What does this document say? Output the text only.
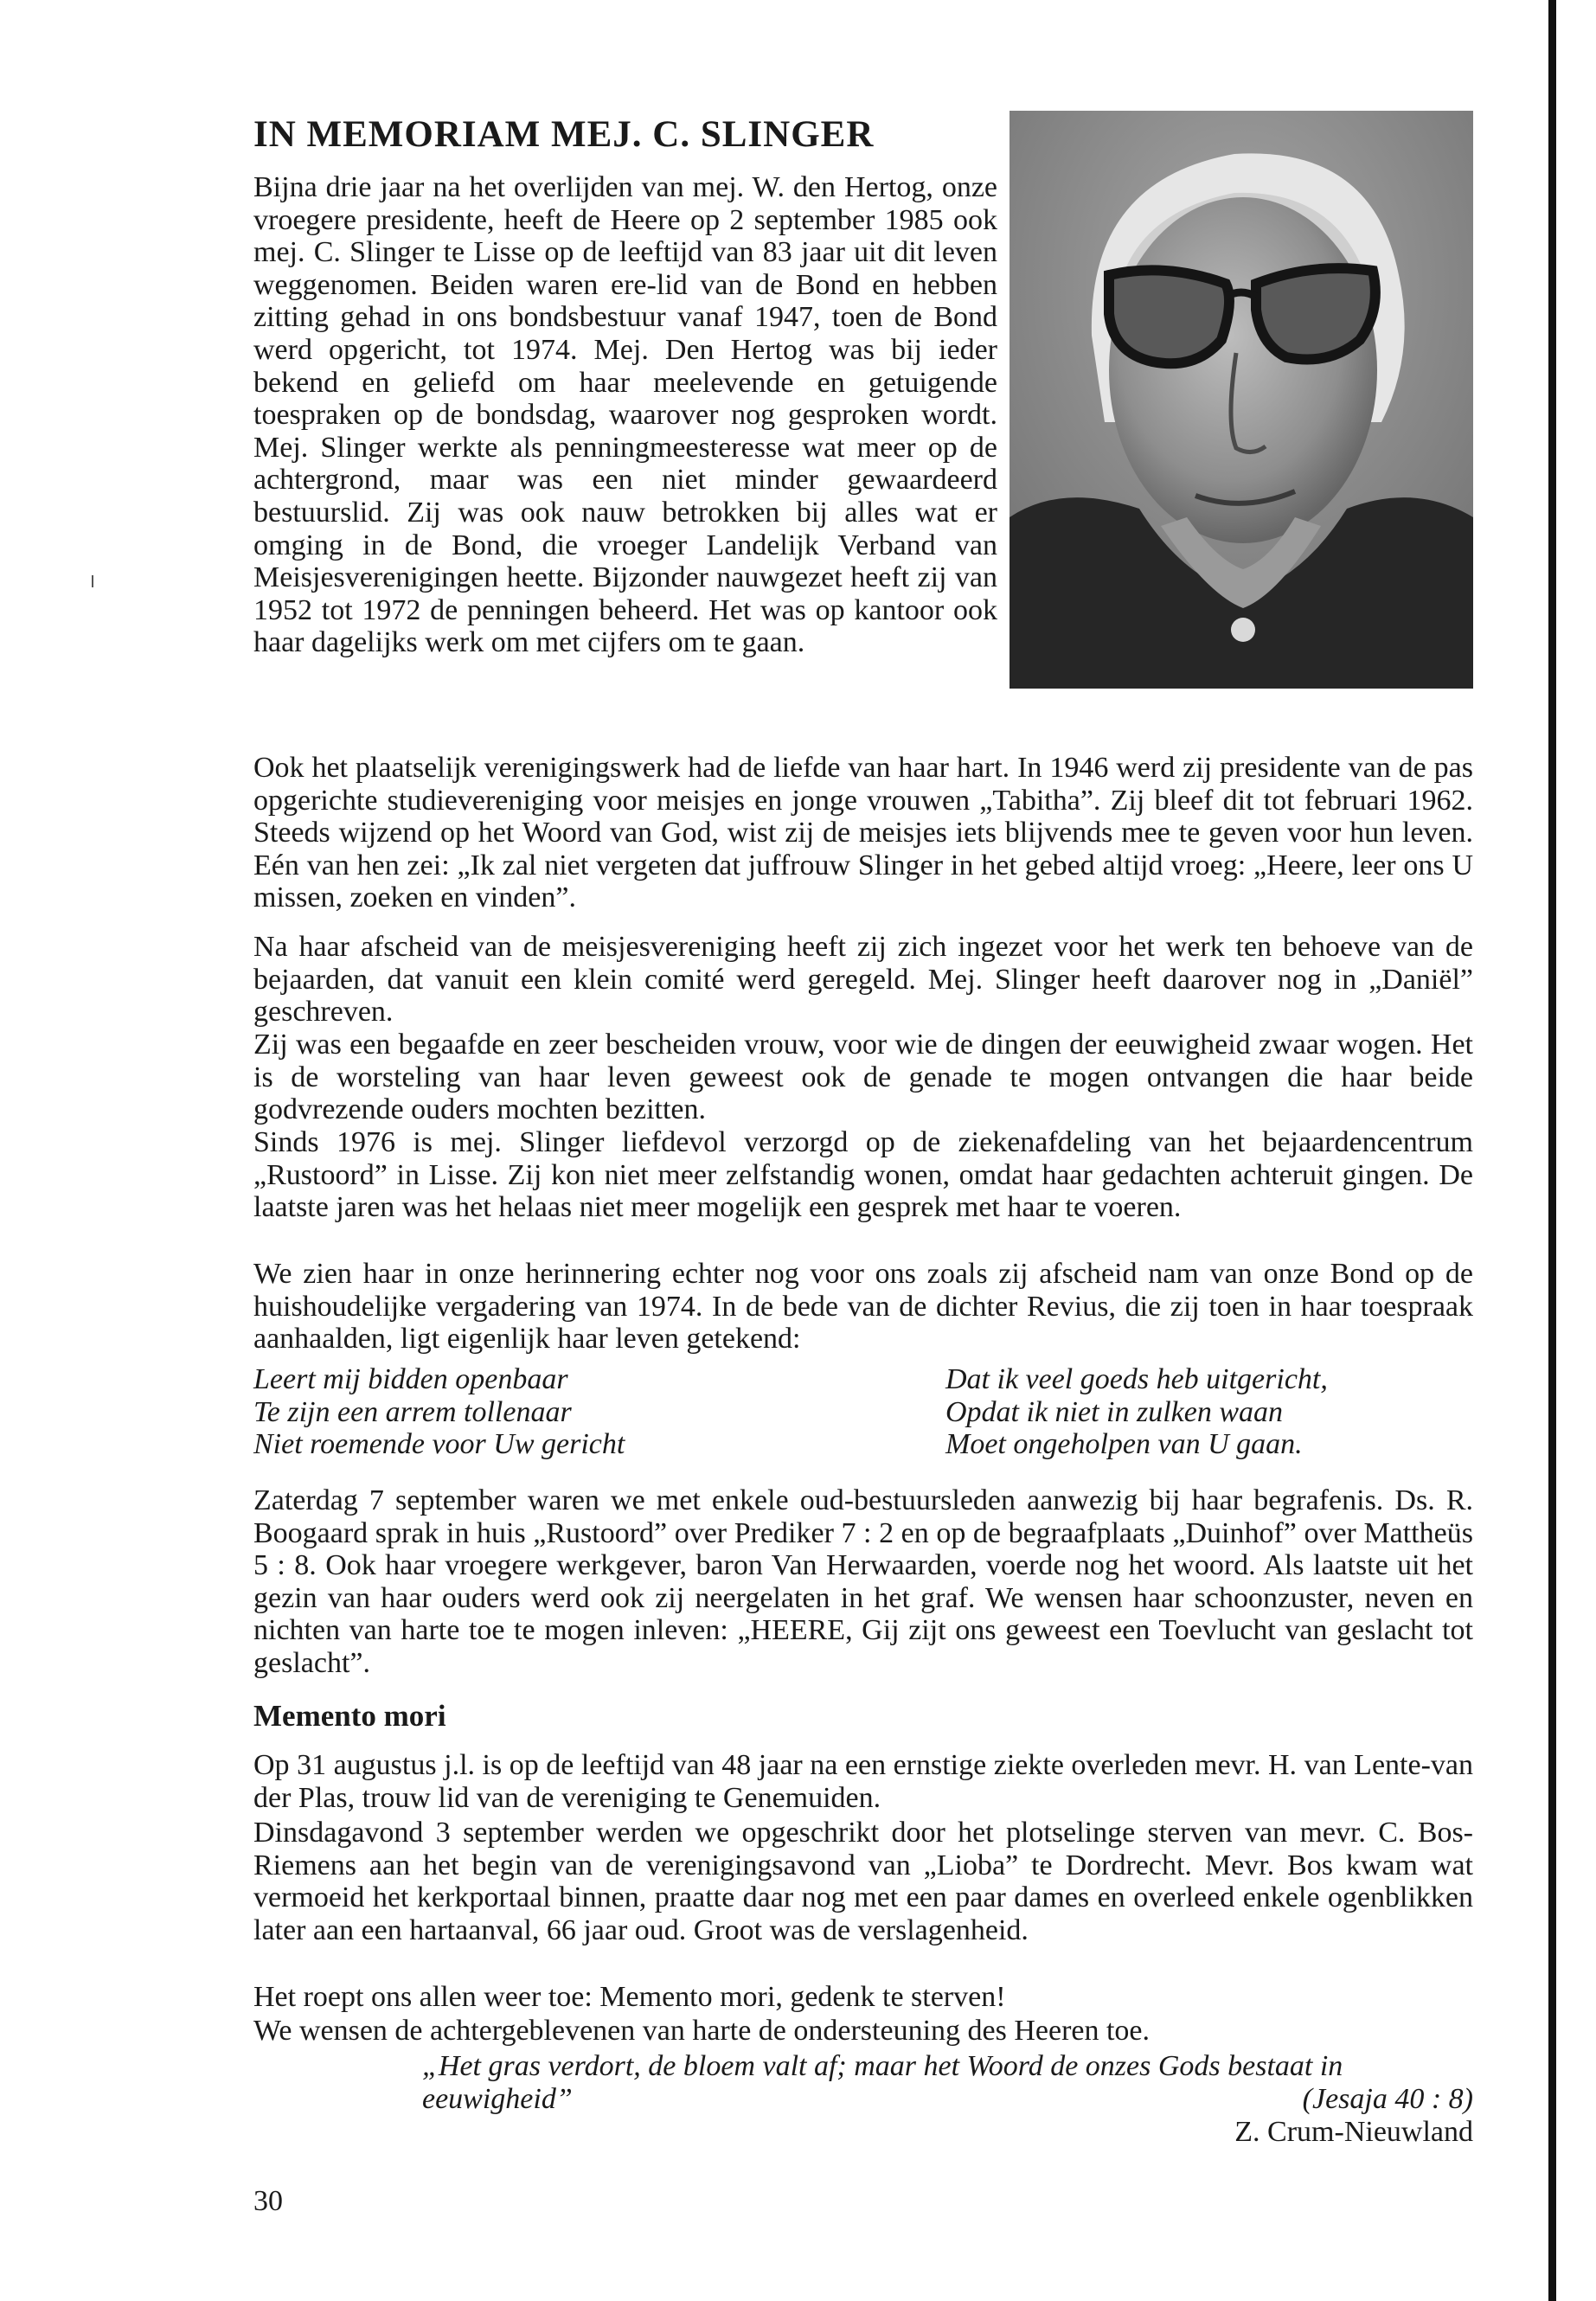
IN MEMORIAM MEJ. C. SLINGER

Bijna drie jaar na het overlijden van mej. W. den Hertog, onze vroegere presidente, heeft de Heere op 2 september 1985 ook mej. C. Slinger te Lisse op de leeftijd van 83 jaar uit dit leven weggenomen. Beiden waren ere-lid van de Bond en hebben zitting gehad in ons bondsbestuur vanaf 1947, toen de Bond werd opgericht, tot 1974. Mej. Den Hertog was bij ieder bekend en geliefd om haar meelevende en getuigende toespraken op de bondsdag, waarover nog gesproken wordt. Mej. Slinger werkte als penningmeesteresse wat meer op de achtergrond, maar was een niet minder gewaardeerd bestuurslid. Zij was ook nauw betrokken bij alles wat er omging in de Bond, die vroeger Landelijk Verband van Meisjesverenigingen heette. Bijzonder nauwgezet heeft zij van 1952 tot 1972 de penningen beheerd. Het was op kantoor ook haar dagelijks werk om met cijfers om te gaan.

Ook het plaatselijk verenigingswerk had de liefde van haar hart. In 1946 werd zij presidente van de pas opgerichte studievereniging voor meisjes en jonge vrouwen „Tabitha”. Zij bleef dit tot februari 1962. Steeds wijzend op het Woord van God, wist zij de meisjes iets blijvends mee te geven voor hun leven. Eén van hen zei: „Ik zal niet vergeten dat juffrouw Slinger in het gebed altijd vroeg: „Heere, leer ons U missen, zoeken en vinden”.

Na haar afscheid van de meisjesvereniging heeft zij zich ingezet voor het werk ten behoeve van de bejaarden, dat vanuit een klein comité werd geregeld. Mej. Slinger heeft daarover nog in „Daniël” geschreven.

Zij was een begaafde en zeer bescheiden vrouw, voor wie de dingen der eeuwigheid zwaar wogen. Het is de worsteling van haar leven geweest ook de genade te mogen ontvangen die haar beide godvrezende ouders mochten bezitten.

Sinds 1976 is mej. Slinger liefdevol verzorgd op de ziekenafdeling van het bejaardencentrum „Rustoord” in Lisse. Zij kon niet meer zelfstandig wonen, omdat haar gedachten achteruit gingen. De laatste jaren was het helaas niet meer mogelijk een gesprek met haar te voeren.

We zien haar in onze herinnering echter nog voor ons zoals zij afscheid nam van onze Bond op de huishoudelijke vergadering van 1974. In de bede van de dichter Revius, die zij toen in haar toespraak aanhaalden, ligt eigenlijk haar leven getekend:

Leert mij bidden openbaar
Te zijn een arrem tollenaar
Niet roemende voor Uw gericht
Dat ik veel goeds heb uitgericht,
Opdat ik niet in zulken waan
Moet ongeholpen van U gaan.

Zaterdag 7 september waren we met enkele oud-bestuursleden aanwezig bij haar begrafenis. Ds. R. Boogaard sprak in huis „Rustoord” over Prediker 7 : 2 en op de begraafplaats „Duinhof” over Mattheüs 5 : 8. Ook haar vroegere werkgever, baron Van Herwaarden, voerde nog het woord. Als laatste uit het gezin van haar ouders werd ook zij neergelaten in het graf. We wensen haar schoonzuster, neven en nichten van harte toe te mogen inleven: „HEERE, Gij zijt ons geweest een Toevlucht van geslacht tot geslacht”.

Memento mori

Op 31 augustus j.l. is op de leeftijd van 48 jaar na een ernstige ziekte overleden mevr. H. van Lente-van der Plas, trouw lid van de vereniging te Genemuiden.

Dinsdagavond 3 september werden we opgeschrikt door het plotselinge sterven van mevr. C. Bos-Riemens aan het begin van de verenigingsavond van „Lioba” te Dordrecht. Mevr. Bos kwam wat vermoeid het kerkportaal binnen, praatte daar nog met een paar dames en overleed enkele ogenblikken later aan een hartaanval, 66 jaar oud. Groot was de verslagenheid.

Het roept ons allen weer toe: Memento mori, gedenk te sterven!

We wensen de achtergeblevenen van harte de ondersteuning des Heeren toe.

„Het gras verdort, de bloem valt af; maar het Woord de onzes Gods bestaat in eeuwigheid”	(Jesaja 40 : 8)
Z. Crum-Nieuwland
30
